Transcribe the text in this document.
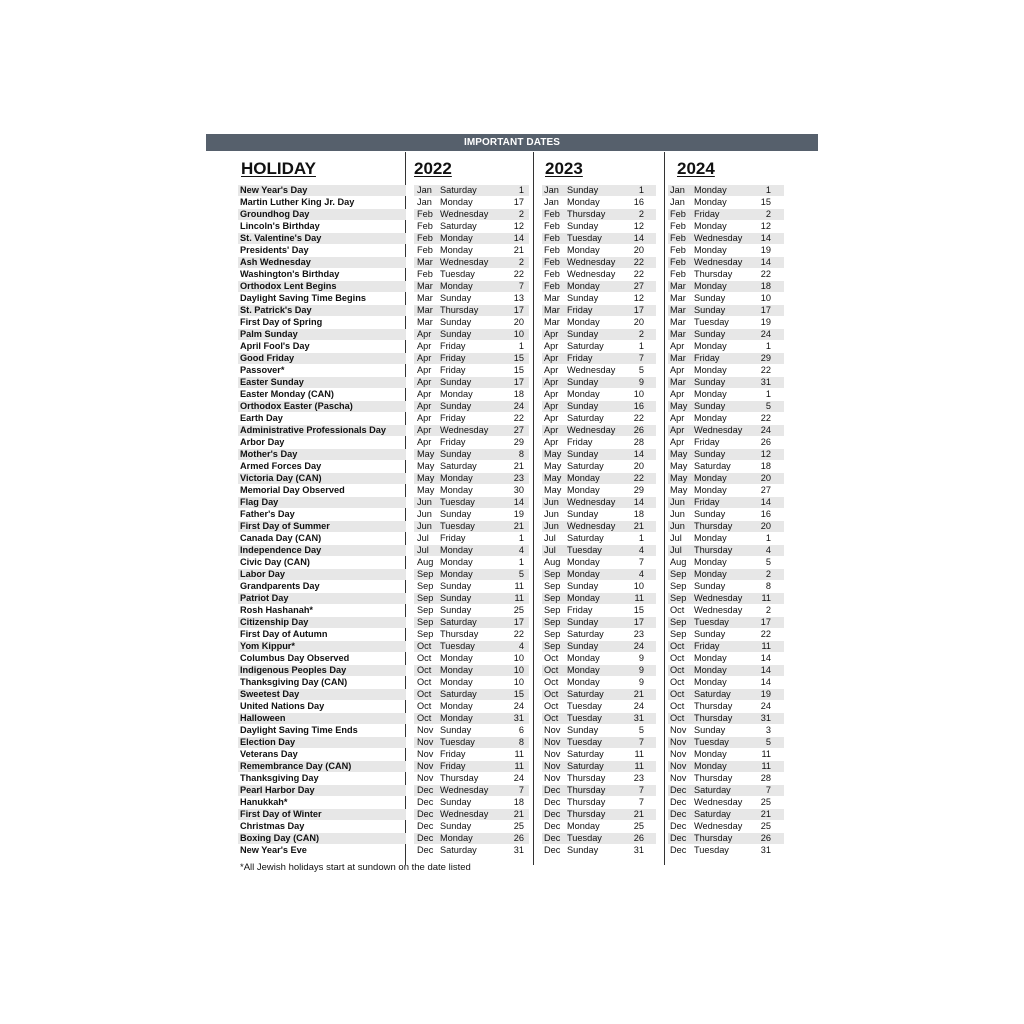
IMPORTANT DATES
HOLIDAY	2022	2023	2024
New Year's Day	Jan Saturday	1 Jan Sunday	1	Jan Monday	1
Martin Luther King Jr. Day	Jan Monday	17 Jan Monday	16	Jan Monday	15
Groundhog Day	Feb Wednesday	2 Feb Thursday	2	Feb Friday	2
Lincoln's Birthday	Feb Saturday	12 Feb Sunday	12	Feb Monday	12
St. Valentine's Day	Feb Monday	14 Feb Tuesday	14	Feb Wednesday 14
Presidents' Day	Feb Monday	21 Feb Monday	20	Feb Monday	19
Ash Wednesday	Mar Wednesday	2 Feb Wednesday 22	Feb Wednesday 14
Washington's Birthday	Feb Tuesday	22 Feb Wednesday 22	Feb Thursday	22
Orthodox Lent Begins	Mar Monday	7 Feb Monday	27	Mar Monday	18
Daylight Saving Time Begins	Mar Sunday	13 Mar Sunday	12	Mar Sunday	10
St. Patrick's Day	Mar Thursday	17 Mar Friday	17	Mar Sunday	17
First Day of Spring	Mar Sunday	20 Mar Monday	20	Mar Tuesday	19
Palm Sunday	Apr Sunday	10 Apr Sunday	2	Mar Sunday	24
April Fool's Day	Apr Friday	1 Apr Saturday	1	Apr Monday	1
Good Friday	Apr Friday	15 Apr Friday	7	Mar Friday	29
Passover*	Apr Friday	15 Apr Wednesday	5	Apr Monday	22
Easter Sunday	Apr Sunday	17 Apr Sunday	9	Mar Sunday	31
Easter Monday (CAN)	Apr Monday	18 Apr Monday	10	Apr Monday	1
Orthodox Easter (Pascha)	Apr Sunday	24 Apr Sunday	16	May Sunday	5
Earth Day	Apr Friday	22 Apr Saturday	22	Apr Monday	22
Administrative Professionals Day	Apr Wednesday	27 Apr Wednesday 26	Apr Wednesday 24
Arbor Day	Apr Friday	29 Apr Friday	28	Apr Friday	26
Mother's Day	May Sunday	8 May Sunday	14	May Sunday	12
Armed Forces Day	May Saturday	21 May Saturday	20	May Saturday	18
Victoria Day (CAN)	May Monday	23 May Monday	22	May Monday	20
Memorial Day Observed	May Monday	30 May Monday	29	May Monday	27
Flag Day	Jun Tuesday	14 Jun Wednesday 14	Jun Friday	14
Father's Day	Jun Sunday	19 Jun Sunday	18	Jun Sunday	16
First Day of Summer	Jun Tuesday	21 Jun Wednesday 21	Jun Thursday	20
Canada Day (CAN)	Jul Friday	1 Jul Saturday	1	Jul Monday	1
Independence Day	Jul Monday	4 Jul Tuesday	4	Jul Thursday	4
Civic Day (CAN)	Aug Monday	1 Aug Monday	7	Aug Monday	5
Labor Day	Sep Monday	5 Sep Monday	4	Sep Monday	2
Grandparents Day	Sep Sunday	11 Sep Sunday	10	Sep Sunday	8
Patriot Day	Sep Sunday	11 Sep Monday	11	Sep Wednesday 11
Rosh Hashanah*	Sep Sunday	25 Sep Friday	15	Oct Wednesday	2
Citizenship Day	Sep Saturday	17 Sep Sunday	17	Sep Tuesday	17
First Day of Autumn	Sep Thursday	22 Sep Saturday	23	Sep Sunday	22
Yom Kippur*	Oct Tuesday	4 Sep Sunday	24	Oct Friday	11
Columbus Day Observed	Oct Monday	10 Oct Monday	9	Oct Monday	14
Indigenous Peoples Day	Oct Monday	10 Oct Monday	9	Oct Monday	14
Thanksgiving Day (CAN)	Oct Monday	10 Oct Monday	9	Oct Monday	14
Sweetest Day	Oct Saturday	15 Oct Saturday	21	Oct Saturday	19
United Nations Day	Oct Monday	24 Oct Tuesday	24	Oct Thursday	24
Halloween	Oct Monday	31 Oct Tuesday	31	Oct Thursday	31
Daylight Saving Time Ends	Nov Sunday	6 Nov Sunday	5	Nov Sunday	3
Election Day	Nov Tuesday	8 Nov Tuesday	7	Nov Tuesday	5
Veterans Day	Nov Friday	11 Nov Saturday	11	Nov Monday	11
Remembrance Day (CAN)	Nov Friday	11 Nov Saturday	11	Nov Monday	11
Thanksgiving Day	Nov Thursday	24 Nov Thursday	23	Nov Thursday	28
Pearl Harbor Day	Dec Wednesday	7 Dec Thursday	7	Dec Saturday	7
Hanukkah*	Dec Sunday	18 Dec Thursday	7	Dec Wednesday 25
First Day of Winter	Dec Wednesday	21 Dec Thursday	21	Dec Saturday	21
Christmas Day	Dec Sunday	25 Dec Monday	25	Dec Wednesday 25
Boxing Day (CAN)	Dec Monday	26 Dec Tuesday	26	Dec Thursday	26
New Year's Eve	Dec Saturday	31 Dec Sunday	31	Dec Tuesday	31
*All Jewish holidays start at sundown on the date listed
